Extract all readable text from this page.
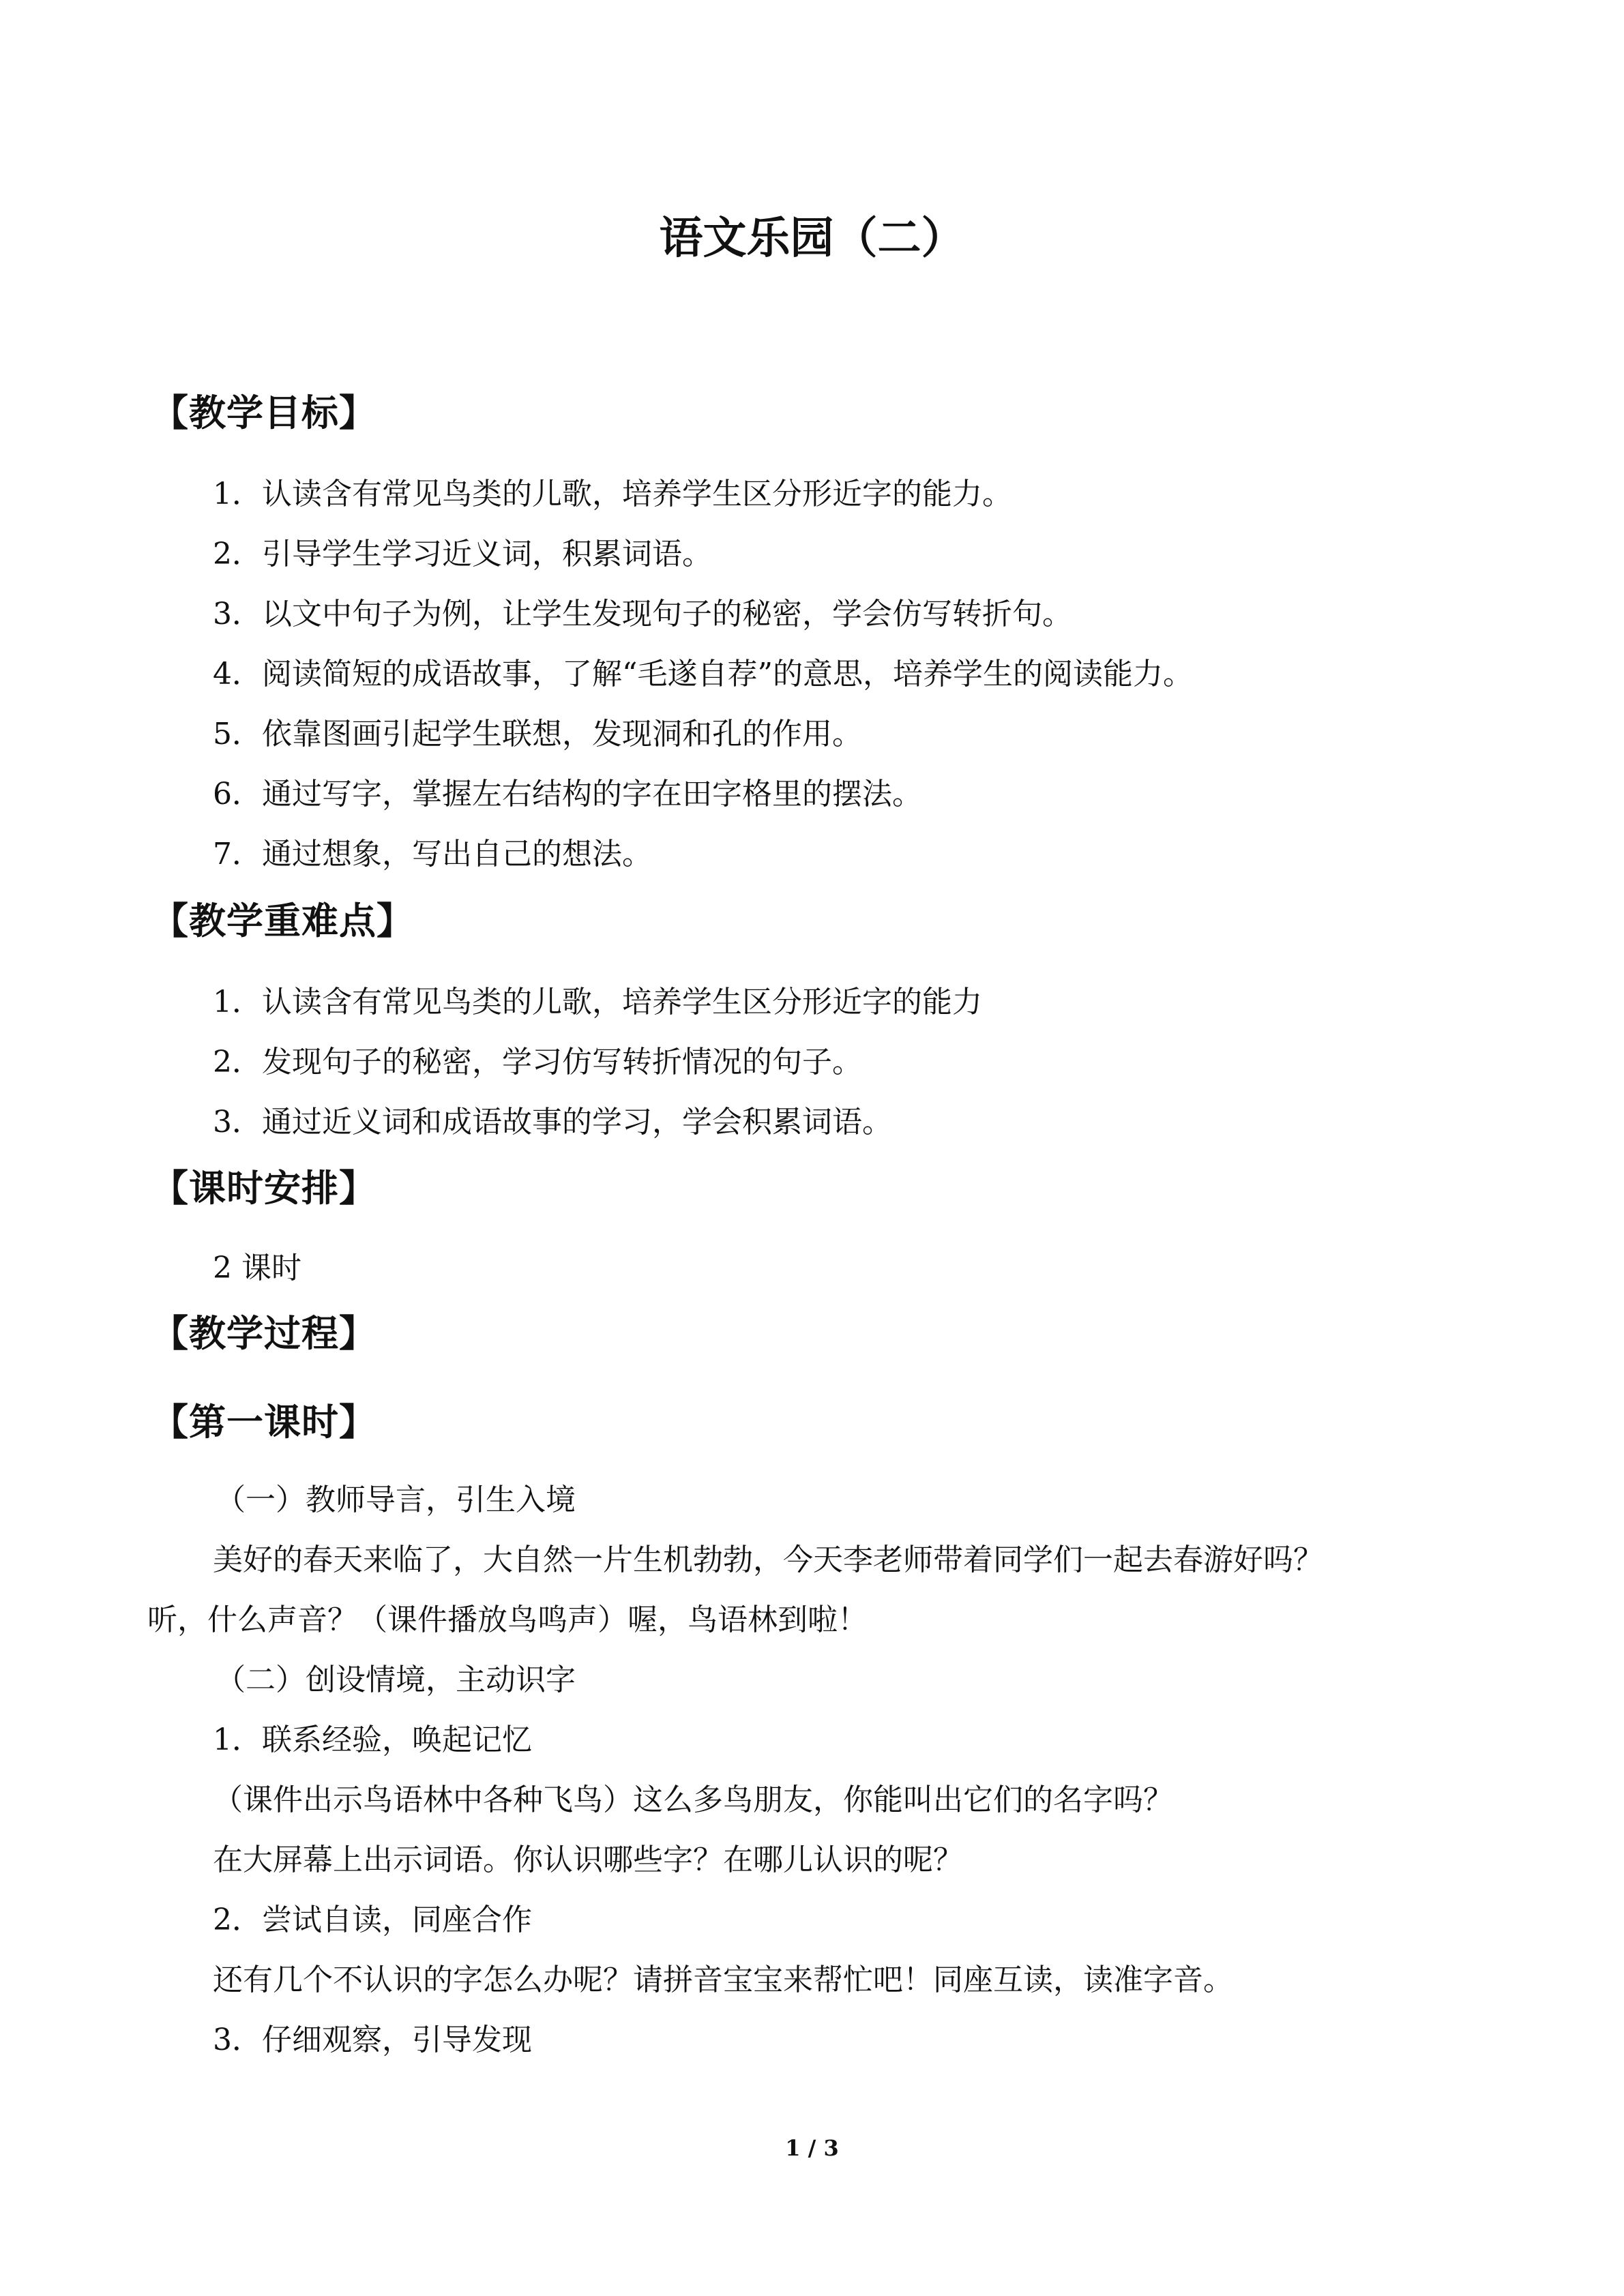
语文乐园（二）
【教学目标】
1．认读含有常见鸟类的儿歌，培养学生区分形近字的能力。
2．引导学生学习近义词，积累词语。
3．以文中句子为例，让学生发现句子的秘密，学会仿写转折句。
4．阅读简短的成语故事，了解“毛遂自荐”的意思，培养学生的阅读能力。
5．依靠图画引起学生联想，发现洞和孔的作用。
6．通过写字，掌握左右结构的字在田字格里的摆法。
7．通过想象，写出自己的想法。
【教学重难点】
1．认读含有常见鸟类的儿歌，培养学生区分形近字的能力
2．发现句子的秘密，学习仿写转折情况的句子。
3．通过近义词和成语故事的学习，学会积累词语。
【课时安排】
2 课时
【教学过程】
【第一课时】
（一）教师导言，引生入境
美好的春天来临了，大自然一片生机勃勃，今天李老师带着同学们一起去春游好吗？
听，什么声音？（课件播放鸟鸣声）喔，鸟语林到啦！
（二）创设情境，主动识字
1．联系经验，唤起记忆
（课件出示鸟语林中各种飞鸟）这么多鸟朋友，你能叫出它们的名字吗？
在大屏幕上出示词语。你认识哪些字？在哪儿认识的呢？
2．尝试自读，同座合作
还有几个不认识的字怎么办呢？请拼音宝宝来帮忙吧！同座互读，读准字音。
3．仔细观察，引导发现
1 / 3
